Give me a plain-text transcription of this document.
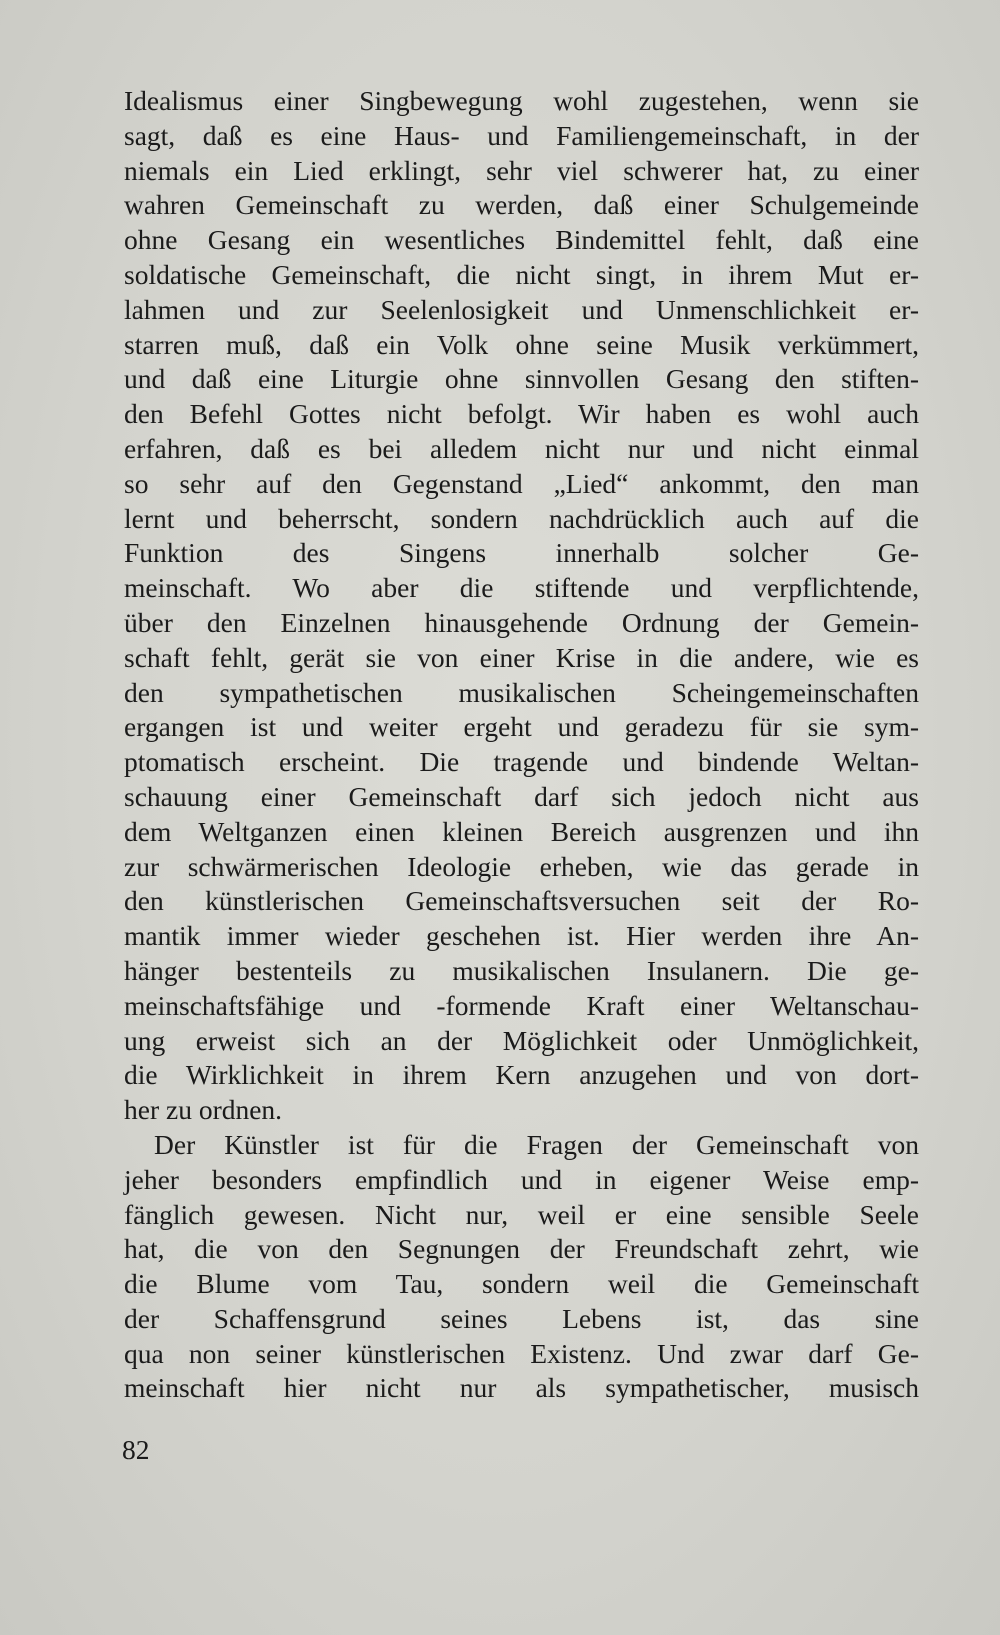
Idealismus einer Singbewegung wohl zugestehen, wenn sie
sagt, daß es eine Haus- und Familiengemeinschaft, in der
niemals ein Lied erklingt, sehr viel schwerer hat, zu einer
wahren Gemeinschaft zu werden, daß einer Schulgemeinde
ohne Gesang ein wesentliches Bindemittel fehlt, daß eine
soldatische Gemeinschaft, die nicht singt, in ihrem Mut er-
lahmen und zur Seelenlosigkeit und Unmenschlichkeit er-
starren muß, daß ein Volk ohne seine Musik verkümmert,
und daß eine Liturgie ohne sinnvollen Gesang den stiften-
den Befehl Gottes nicht befolgt. Wir haben es wohl auch
erfahren, daß es bei alledem nicht nur und nicht einmal
so sehr auf den Gegenstand „Lied“ ankommt, den man
lernt und beherrscht, sondern nachdrücklich auch auf die
Funktion des Singens innerhalb solcher Ge-
meinschaft. Wo aber die stiftende und verpflichtende,
über den Einzelnen hinausgehende Ordnung der Gemein-
schaft fehlt, gerät sie von einer Krise in die andere, wie es
den sympathetischen musikalischen Scheingemeinschaften
ergangen ist und weiter ergeht und geradezu für sie sym-
ptomatisch erscheint. Die tragende und bindende Weltan-
schauung einer Gemeinschaft darf sich jedoch nicht aus
dem Weltganzen einen kleinen Bereich ausgrenzen und ihn
zur schwärmerischen Ideologie erheben, wie das gerade in
den künstlerischen Gemeinschaftsversuchen seit der Ro-
mantik immer wieder geschehen ist. Hier werden ihre An-
hänger bestenteils zu musikalischen Insulanern. Die ge-
meinschaftsfähige und -formende Kraft einer Weltanschau-
ung erweist sich an der Möglichkeit oder Unmöglichkeit,
die Wirklichkeit in ihrem Kern anzugehen und von dort-
her zu ordnen.
Der Künstler ist für die Fragen der Gemeinschaft von
jeher besonders empfindlich und in eigener Weise emp-
fänglich gewesen. Nicht nur, weil er eine sensible Seele
hat, die von den Segnungen der Freundschaft zehrt, wie
die Blume vom Tau, sondern weil die Gemeinschaft
der Schaffensgrund seines Lebens ist, das sine
qua non seiner künstlerischen Existenz. Und zwar darf Ge-
meinschaft hier nicht nur als sympathetischer, musisch
82
